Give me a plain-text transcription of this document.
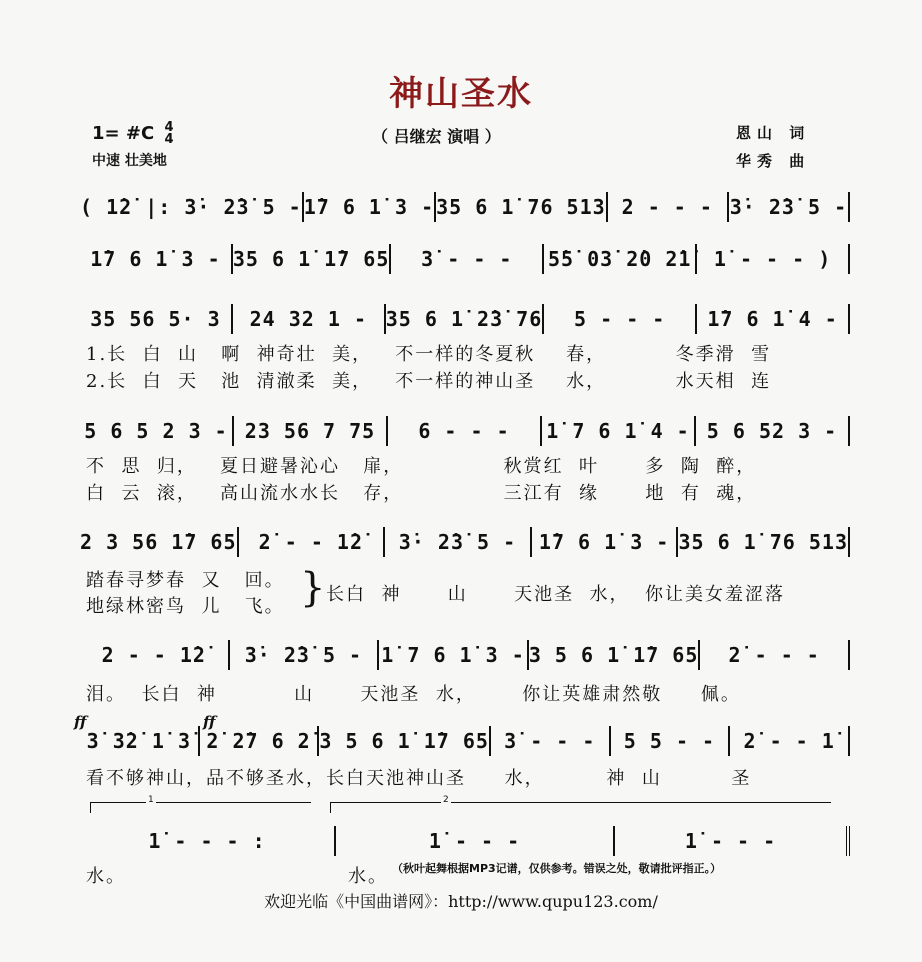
神山圣水
（ 吕继宏 演唱 ）
1= #C 4
4
中速 壮美地
恩山 词
华秀 曲
( 1̇2̇ |: 3̇· 2̇3̇ 5 - 1̇7 6 1̇ 3 - 35 6 1̇ 76 513 2 - - - 3̇· 2̇3̇ 5 -
1̇7 6 1̇ 3 - 35 6 1̇ 1̇7 65	3̇ - - -	5̇5̇ 03̇ 2̇0 2̇1̇	1̇ - - - )
35 56 5· 3	24 32 1 - 35 6 1̇ 2̇3̇ 76	5 - - -	1̇7 6 1̇ 4 -
1.长  白  山   啊  神奇壮  美，   不一样的冬夏秋    春，         冬季滑  雪
2.长  白  天   池  清澈柔  美，   不一样的神山圣    水，         水天相  连
5 6 5 2 3 - 23 56 7 75	6 - - -	1̇ 7 6 1̇ 4 - 5 6 52 3 -
不  思  归，   夏日避暑沁心   扉，             秋赏红  叶      多  陶  醉，
白  云  滚，   高山流水水长   存，             三江有  缘      地  有  魂，
2 3 56 1̇7 65	2̇ - - 1̇2̇	3̇· 2̇3̇ 5 -	1̇7 6 1̇ 3 - 35 6 1̇ 76 513
踏春寻梦春  又   回。
地绿林密鸟  儿   飞。 } 长白  神      山      天池圣  水，  你让美女羞涩落
2 - - 1̇2̇	3̇· 2̇3̇ 5 - 1̇ 7 6 1̇ 3 - 3 5 6 1̇ 1̇7 65	2̇ - - -
泪。  长白  神          山      天池圣  水，      你让英雄肃然敬     佩。
ff	ff
3̇ 3̇2̇ 1̇ 3̇ 2̇ 2̇7 6 2̇ 3 5 6 1̇ 1̇7 65 3̇ - - -	5 5 - -	2̇ - - 1̇
看不够神山，品不够圣水，长白天池神山圣     水，        神  山         圣
1	2
1̇ - - - :	1̇ - - -	1̇ - - -
水。	水。 （秋叶起舞根据MP3记谱，仅供参考。错误之处，敬请批评指正。）
欢迎光临《中国曲谱网》：http://www.qupu123.com/
